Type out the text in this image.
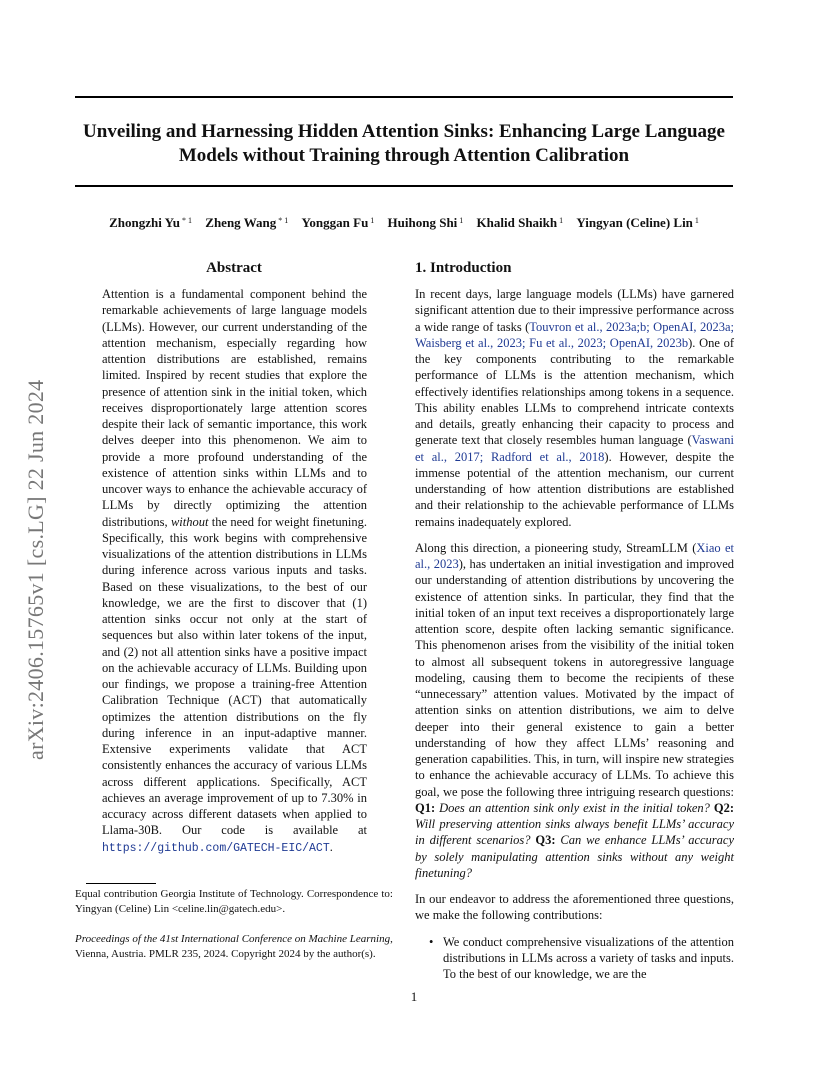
Unveiling and Harnessing Hidden Attention Sinks: Enhancing Large Language
Models without Training through Attention Calibration
Zhongzhi Yu $^{* 1}$ Zheng Wang $^{* 1}$ Yonggan Fu $^1$ Huihong Shi $^1$ Khalid Shaikh $^1$ Yingyan (Celine) Lin $^1$
arXiv:2406.15765v1 [cs.LG] 22 Jun 2024
Abstract	1. Introduction
Attention is a fundamental component behind the remarkable achievements of large language models (LLMs). However, our current understanding of the attention mechanism, especially regarding how attention distributions are established, remains limited. Inspired by recent studies that explore the presence of attention sink in the initial token, which receives disproportionately large attention scores despite their lack of semantic importance, this work delves deeper into this phenomenon. We aim to provide a more profound understanding of the existence of attention sinks within LLMs and to uncover ways to enhance the achievable accuracy of LLMs by directly optimizing the attention distributions, without the need for weight finetuning. Specifically, this work begins with comprehensive visualizations of the attention distributions in LLMs during inference across various inputs and tasks. Based on these visualizations, to the best of our knowledge, we are the first to discover that (1) attention sinks occur not only at the start of sequences but also within later tokens of the input, and (2) not all attention sinks have a positive impact on the achievable accuracy of LLMs. Building upon our findings, we propose a training-free Attention Calibration Technique (ACT) that automatically optimizes the attention distributions on the fly during inference in an input-adaptive manner. Extensive experiments validate that ACT consistently enhances the accuracy of various LLMs across different applications. Specifically, ACT achieves an average improvement of up to 7.30% in accuracy across different datasets when applied to Llama-30B. Our code is available at https://github.com/GATECH-EIC/ACT.

In recent days, large language models (LLMs) have garnered significant attention due to their impressive performance across a wide range of tasks (Touvron et al., 2023a;b; OpenAI, 2023a; Waisberg et al., 2023; Fu et al., 2023; OpenAI, 2023b). One of the key components contributing to the remarkable performance of LLMs is the attention mechanism, which effectively identifies relationships among tokens in a sequence. This ability enables LLMs to comprehend intricate contexts and details, greatly enhancing their capacity to process and generate text that closely resembles human language (Vaswani et al., 2017; Radford et al., 2018). However, despite the immense potential of the attention mechanism, our current understanding of how attention distributions are established and their relationship to the achievable performance of LLMs remains inadequately explored.

Along this direction, a pioneering study, StreamLLM (Xiao et al., 2023), has undertaken an initial investigation and improved our understanding of attention distributions by uncovering the existence of attention sinks. In particular, they find that the initial token of an input text receives a disproportionately large attention score, despite often lacking semantic significance. This phenomenon arises from the visibility of the initial token to almost all subsequent tokens in autoregressive language modeling, causing them to become the recipients of these “unnecessary” attention values. Motivated by the impact of attention sinks on attention distributions, we aim to delve deeper into their general existence to gain a better understanding of how they affect LLMs’ reasoning and generation capabilities. This, in turn, will inspire new strategies to enhance the achievable accuracy of LLMs. To achieve this goal, we pose the following three intriguing research questions: Q1: Does an attention sink only exist in the initial token? Q2: Will preserving attention sinks always benefit LLMs’ accuracy in different scenarios? Q3: Can we enhance LLMs’ accuracy by solely manipulating attention sinks without any weight finetuning?

In our endeavor to address the aforementioned three questions, we make the following contributions:

• We conduct comprehensive visualizations of the attention distributions in LLMs across a variety of tasks and inputs. To the best of our knowledge, we are the
Equal contribution Georgia Institute of Technology. Correspondence to: Yingyan (Celine) Lin <celine.lin@gatech.edu>.
Proceedings of the 41st International Conference on Machine Learning, Vienna, Austria. PMLR 235, 2024. Copyright 2024 by the author(s).
1
